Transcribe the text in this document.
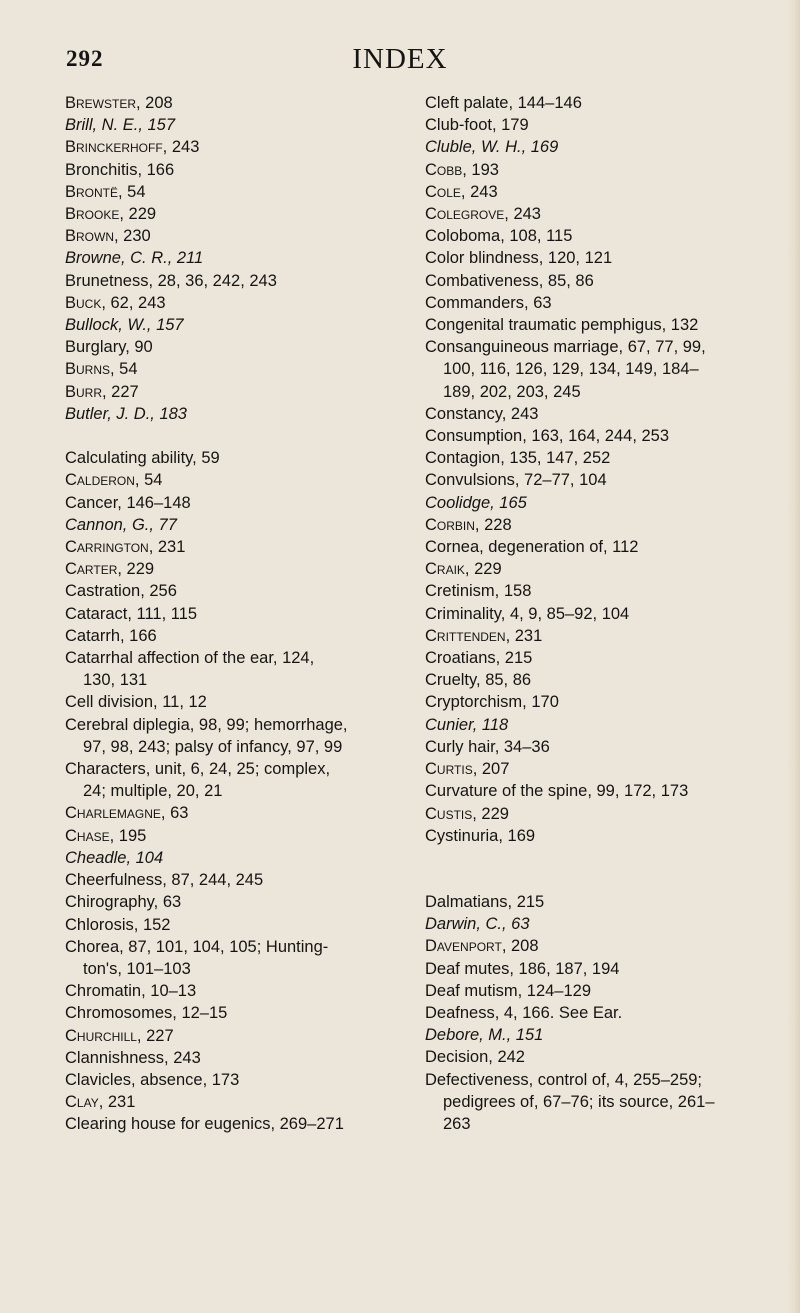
292	INDEX
Brewster, 208
Brill, N. E., 157
Brinckerhoff, 243
Bronchitis, 166
Brontë, 54
Brooke, 229
Brown, 230
Browne, C. R., 211
Brunetness, 28, 36, 242, 243
Buck, 62, 243
Bullock, W., 157
Burglary, 90
Burns, 54
Burr, 227
Butler, J. D., 183
Calculating ability, 59
Calderon, 54
Cancer, 146–148
Cannon, G., 77
Carrington, 231
Carter, 229
Castration, 256
Cataract, 111, 115
Catarrh, 166
Catarrhal affection of the ear, 124,
130, 131
Cell division, 11, 12
Cerebral diplegia, 98, 99; hemorrhage,
97, 98, 243; palsy of infancy, 97, 99
Characters, unit, 6, 24, 25; complex,
24; multiple, 20, 21
Charlemagne, 63
Chase, 195
Cheadle, 104
Cheerfulness, 87, 244, 245
Chirography, 63
Chlorosis, 152
Chorea, 87, 101, 104, 105; Hunting-
ton's, 101–103
Chromatin, 10–13
Chromosomes, 12–15
Churchill, 227
Clannishness, 243
Clavicles, absence, 173
Clay, 231
Clearing house for eugenics, 269–271
Cleft palate, 144–146
Club-foot, 179
Cluble, W. H., 169
Cobb, 193
Cole, 243
Colegrove, 243
Coloboma, 108, 115
Color blindness, 120, 121
Combativeness, 85, 86
Commanders, 63
Congenital traumatic pemphigus, 132
Consanguineous marriage, 67, 77, 99,
100, 116, 126, 129, 134, 149, 184–
189, 202, 203, 245
Constancy, 243
Consumption, 163, 164, 244, 253
Contagion, 135, 147, 252
Convulsions, 72–77, 104
Coolidge, 165
Corbin, 228
Cornea, degeneration of, 112
Craik, 229
Cretinism, 158
Criminality, 4, 9, 85–92, 104
Crittenden, 231
Croatians, 215
Cruelty, 85, 86
Cryptorchism, 170
Cunier, 118
Curly hair, 34–36
Curtis, 207
Curvature of the spine, 99, 172, 173
Custis, 229
Cystinuria, 169
Dalmatians, 215
Darwin, C., 63
Davenport, 208
Deaf mutes, 186, 187, 194
Deaf mutism, 124–129
Deafness, 4, 166. See Ear.
Debore, M., 151
Decision, 242
Defectiveness, control of, 4, 255–259;
pedigrees of, 67–76; its source, 261–
263
